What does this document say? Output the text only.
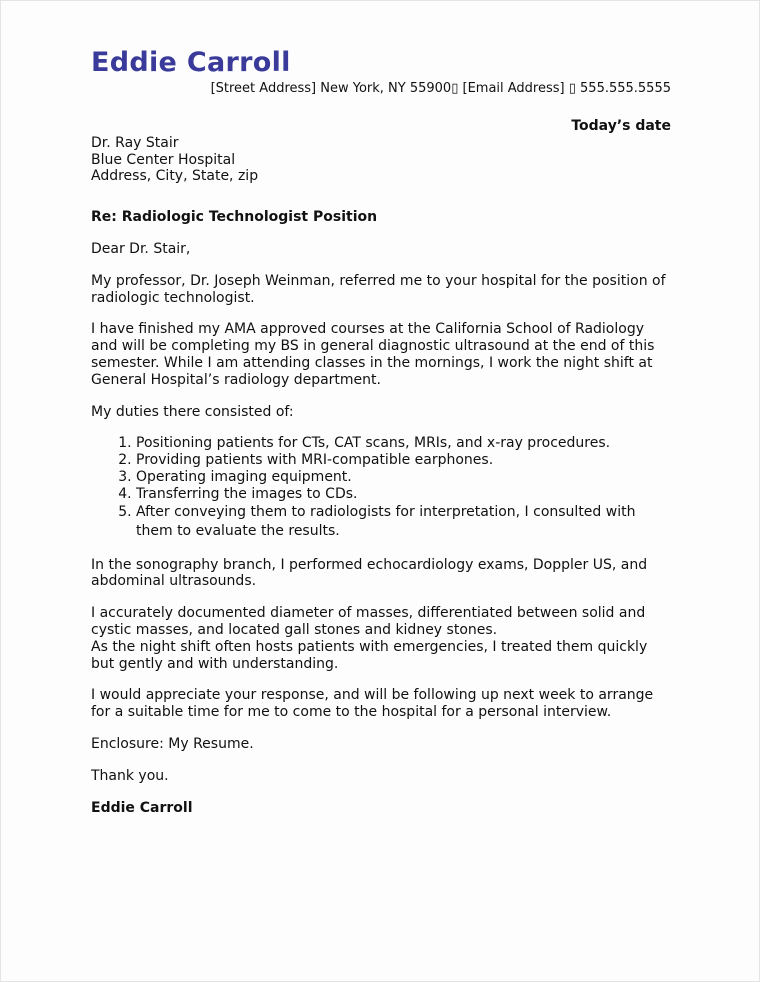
Eddie Carroll

[Street Address] New York, NY 55900▯ [Email Address] ▯ 555.555.5555

Today’s date

Dr. Ray Stair

Blue Center Hospital

Address, City, State, zip

Re: Radiologic Technologist Position

Dear Dr. Stair,

My professor, Dr. Joseph Weinman, referred me to your hospital for the position of radiologic technologist.

I have finished my AMA approved courses at the California School of Radiology and will be completing my BS in general diagnostic ultrasound at the end of this semester. While I am attending classes in the mornings, I work the night shift at General Hospital’s radiology department.

My duties there consisted of:

1. Positioning patients for CTs, CAT scans, MRIs, and x-ray procedures.
2. Providing patients with MRI-compatible earphones.
3. Operating imaging equipment.
4. Transferring the images to CDs.
5. After conveying them to radiologists for interpretation, I consulted with them to evaluate the results.

In the sonography branch, I performed echocardiology exams, Doppler US, and abdominal ultrasounds.

I accurately documented diameter of masses, differentiated between solid and cystic masses, and located gall stones and kidney stones.

As the night shift often hosts patients with emergencies, I treated them quickly but gently and with understanding.

I would appreciate your response, and will be following up next week to arrange for a suitable time for me to come to the hospital for a personal interview.

Enclosure: My Resume.

Thank you.

Eddie Carroll
